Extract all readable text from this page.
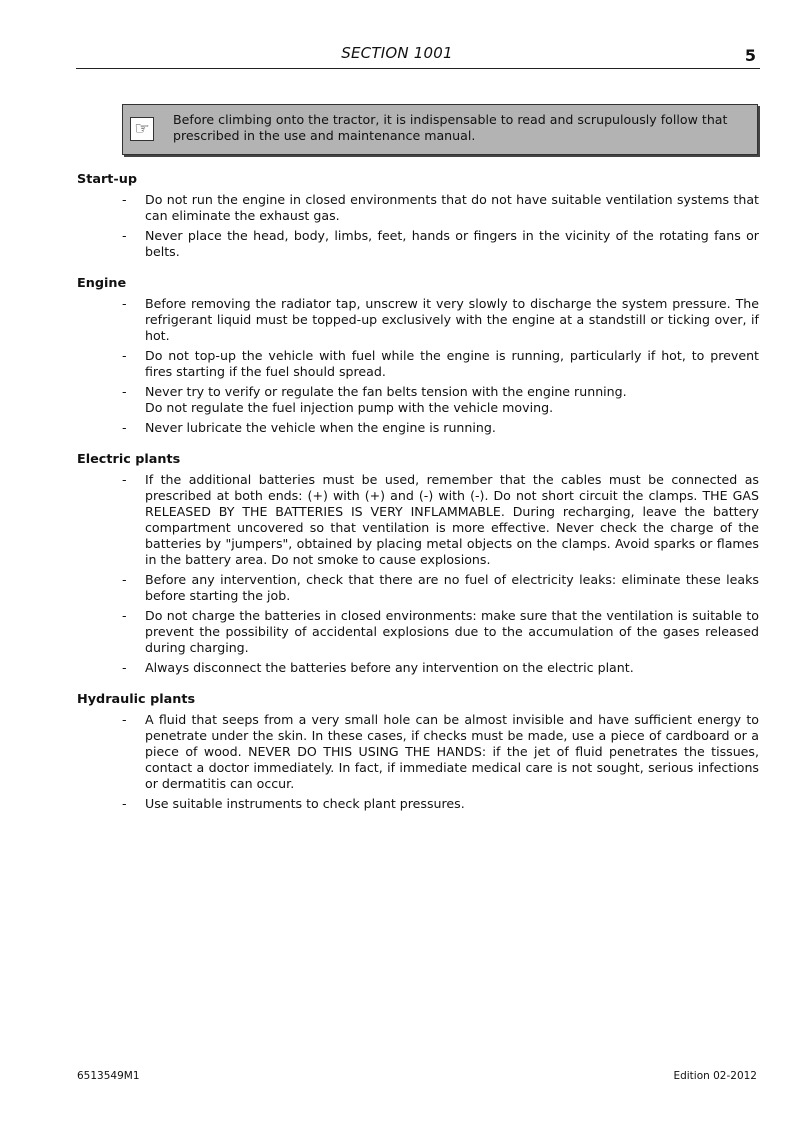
SECTION 1001	5
☞	Before climbing onto the tractor, it is indispensable to read and scrupulously follow that prescribed in the use and maintenance manual.
Start-up
- Do not run the engine in closed environments that do not have suitable ventilation systems that can eliminate the exhaust gas.
- Never place the head, body, limbs, feet, hands or fingers in the vicinity of the rotating fans or belts.
Engine
- Before removing the radiator tap, unscrew it very slowly to discharge the system pressure. The refrigerant liquid must be topped-up exclusively with the engine at a standstill or ticking over, if hot.
- Do not top-up the vehicle with fuel while the engine is running, particularly if hot, to prevent fires starting if the fuel should spread.
- Never try to verify or regulate the fan belts tension with the engine running.
Do not regulate the fuel injection pump with the vehicle moving.
- Never lubricate the vehicle when the engine is running.
Electric plants
- If the additional batteries must be used, remember that the cables must be connected as prescribed at both ends: (+) with (+) and (-) with (-). Do not short circuit the clamps. THE GAS RELEASED BY THE BATTERIES IS VERY INFLAMMABLE. During recharging, leave the battery compartment uncovered so that ventilation is more effective. Never check the charge of the batteries by "jumpers", obtained by placing metal objects on the clamps. Avoid sparks or flames in the battery area. Do not smoke to cause explosions.
- Before any intervention, check that there are no fuel of electricity leaks: eliminate these leaks before starting the job.
- Do not charge the batteries in closed environments: make sure that the ventilation is suitable to prevent the possibility of accidental explosions due to the accumulation of the gases released during charging.
- Always disconnect the batteries before any intervention on the electric plant.
Hydraulic plants
- A fluid that seeps from a very small hole can be almost invisible and have sufficient energy to penetrate under the skin. In these cases, if checks must be made, use a piece of cardboard or a piece of wood. NEVER DO THIS USING THE HANDS: if the jet of fluid penetrates the tissues, contact a doctor immediately. In fact, if immediate medical care is not sought, serious infections or dermatitis can occur.
- Use suitable instruments to check plant pressures.
6513549M1	Edition 02-2012
